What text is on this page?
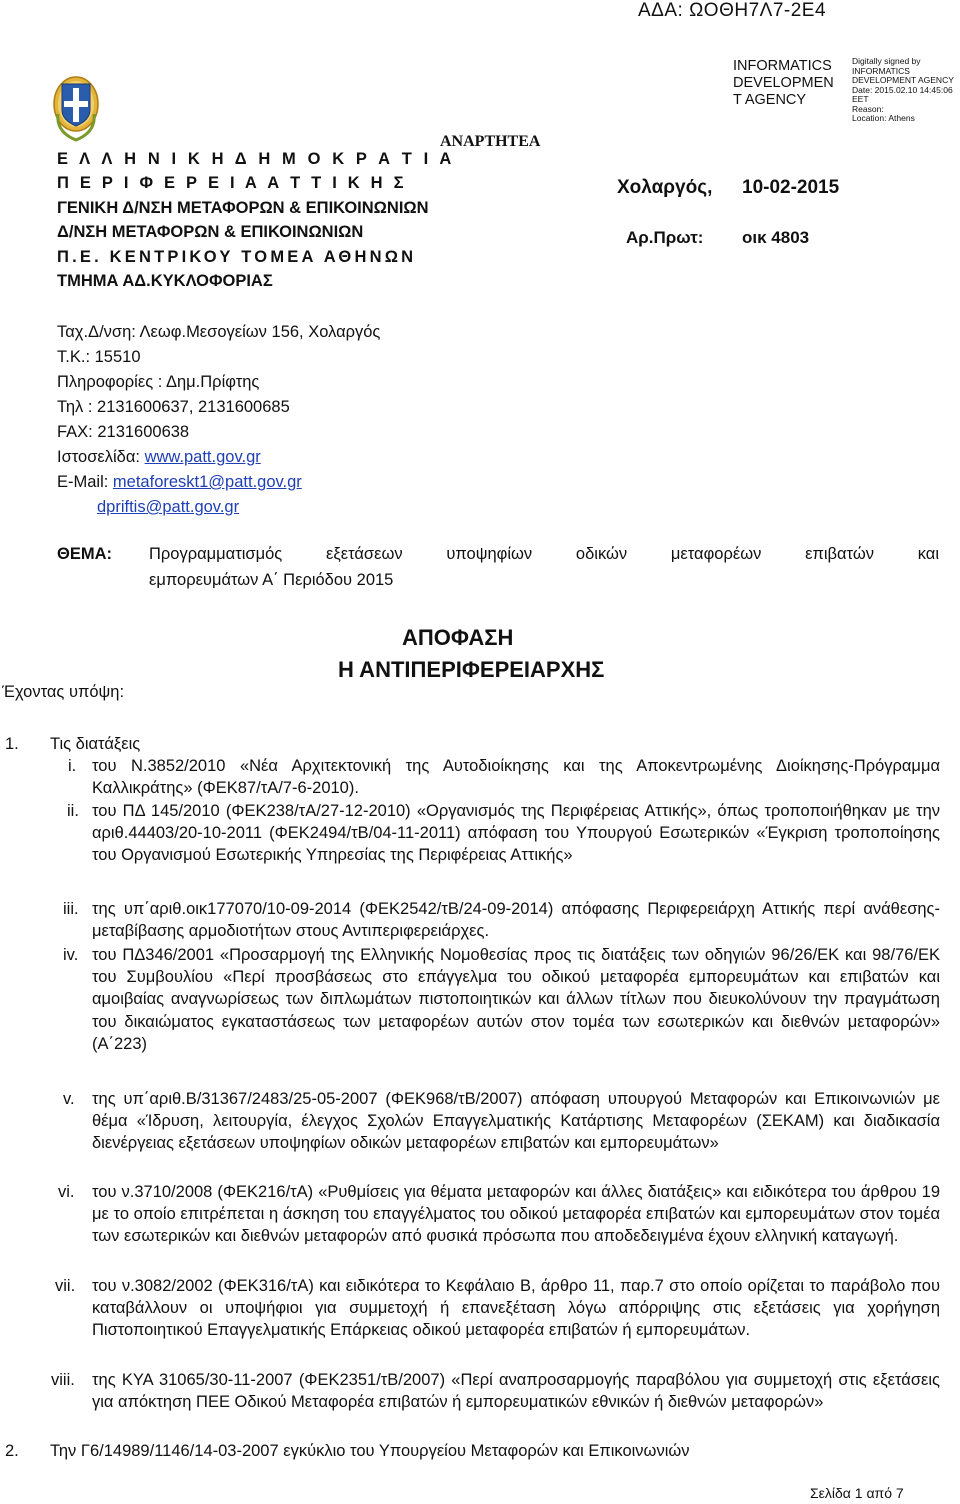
ΑΔΑ: ΩΟΘΗ7Λ7-2Ε4
ΑΝΑΡΤΗΤΕΑ
INFORMATICS DEVELOPMEN T AGENCY
Digitally signed by
INFORMATICS DEVELOPMENT AGENCY
Date: 2015.02.10 14:45:06
EET
Reason:
Location: Athens
Ε Λ Λ Η Ν Ι Κ Η Δ Η Μ Ο Κ Ρ Α Τ Ι Α
Π Ε Ρ Ι Φ Ε Ρ Ε Ι Α Α Τ Τ Ι Κ Η Σ
ΓΕΝΙΚΗ Δ/ΝΣΗ ΜΕΤΑΦΟΡΩΝ & ΕΠΙΚΟΙΝΩΝΙΩΝ
Δ/ΝΣΗ ΜΕΤΑΦΟΡΩΝ & ΕΠΙΚΟΙΝΩΝΙΩΝ
Π.Ε. ΚΕΝΤΡΙΚΟΥ ΤΟΜΕΑ ΑΘΗΝΩΝ
ΤΜΗΜΑ ΑΔ.ΚΥΚΛΟΦΟΡΙΑΣ
Χολαργός, 10-02-2015
Αρ.Πρωτ: οικ 4803
Ταχ.Δ/νση: Λεωφ.Μεσογείων 156, Χολαργός
Τ.Κ.: 15510
Πληροφορίες : Δημ.Πρίφτης
Τηλ : 2131600637, 2131600685
FAX: 2131600638
Ιστοσελίδα: www.patt.gov.gr
E-Mail: metaforeskt1@patt.gov.gr
dpriftis@patt.gov.gr
ΘΕΜΑ: Προγραμματισμός εξετάσεων υποψηφίων οδικών μεταφορέων επιβατών και
εμπορευμάτων Α΄ Περιόδου 2015
ΑΠΟΦΑΣΗ
Η ΑΝΤΙΠΕΡΙΦΕΡΕΙΑΡΧΗΣ
Έχοντας υπόψη:
1. Τις διατάξεις
i. του Ν.3852/2010 «Νέα Αρχιτεκτονική της Αυτοδιοίκησης και της Αποκεντρωμένης Διοίκησης-Πρόγραμμα Καλλικράτης» (ΦΕΚ87/τΑ/7-6-2010).
ii. του ΠΔ 145/2010 (ΦΕΚ238/τΑ/27-12-2010) «Οργανισμός της Περιφέρειας Αττικής», όπως τροποποιήθηκαν με την αριθ.44403/20-10-2011 (ΦΕΚ2494/τΒ/04-11-2011) απόφαση του Υπουργού Εσωτερικών «Έγκριση τροποποίησης του Οργανισμού Εσωτερικής Υπηρεσίας της Περιφέρειας Αττικής»
iii. της υπ΄αριθ.οικ177070/10-09-2014 (ΦΕΚ2542/τΒ/24-09-2014) απόφασης Περιφερειάρχη Αττικής περί ανάθεσης-μεταβίβασης αρμοδιοτήτων στους Αντιπεριφερειάρχες.
iv. του ΠΔ346/2001 «Προσαρμογή της Ελληνικής Νομοθεσίας προς τις διατάξεις των οδηγιών 96/26/ΕΚ και 98/76/ΕΚ του Συμβουλίου «Περί προσβάσεως στο επάγγελμα του οδικού μεταφορέα εμπορευμάτων και επιβατών και αμοιβαίας αναγνωρίσεως των διπλωμάτων πιστοποιητικών και άλλων τίτλων που διευκολύνουν την πραγμάτωση του δικαιώματος εγκαταστάσεως των μεταφορέων αυτών στον τομέα των εσωτερικών και διεθνών μεταφορών» (Α΄223)
v. της υπ΄αριθ.Β/31367/2483/25-05-2007 (ΦΕΚ968/τΒ/2007) απόφαση υπουργού Μεταφορών και Επικοινωνιών με θέμα «Ίδρυση, λειτουργία, έλεγχος Σχολών Επαγγελματικής Κατάρτισης Μεταφορέων (ΣΕΚΑΜ) και διαδικασία διενέργειας εξετάσεων υποψηφίων οδικών μεταφορέων επιβατών και εμπορευμάτων»
vi. του ν.3710/2008 (ΦΕΚ216/τΑ) «Ρυθμίσεις για θέματα μεταφορών και άλλες διατάξεις» και ειδικότερα του άρθρου 19 με το οποίο επιτρέπεται η άσκηση του επαγγέλματος του οδικού μεταφορέα επιβατών και εμπορευμάτων στον τομέα των εσωτερικών και διεθνών μεταφορών από φυσικά πρόσωπα που αποδεδειγμένα έχουν ελληνική καταγωγή.
vii. του ν.3082/2002 (ΦΕΚ316/τΑ) και ειδικότερα το Κεφάλαιο Β, άρθρο 11, παρ.7 στο οποίο ορίζεται το παράβολο που καταβάλλουν οι υποψήφιοι για συμμετοχή ή επανεξέταση λόγω απόρριψης στις εξετάσεις για χορήγηση Πιστοποιητικού Επαγγελματικής Επάρκειας οδικού μεταφορέα επιβατών ή εμπορευμάτων.
viii. της ΚΥΑ 31065/30-11-2007 (ΦΕΚ2351/τΒ/2007) «Περί αναπροσαρμογής παραβόλου για συμμετοχή στις εξετάσεις για απόκτηση ΠΕΕ Οδικού Μεταφορέα επιβατών ή εμπορευματικών εθνικών ή διεθνών μεταφορών»
2. Την Γ6/14989/1146/14-03-2007 εγκύκλιο του Υπουργείου Μεταφορών και Επικοινωνιών
Σελίδα 1 από 7
